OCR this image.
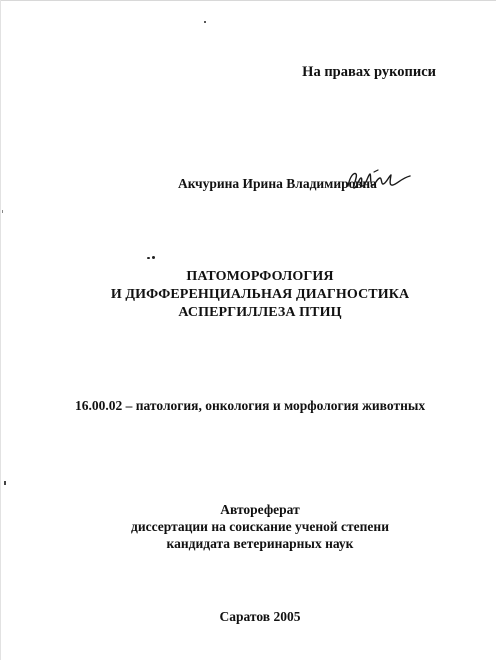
На правах рукописи
Акчурина Ирина Владимировна
ПАТОМОРФОЛОГИЯ
И ДИФФЕРЕНЦИАЛЬНАЯ ДИАГНОСТИКА
АСПЕРГИЛЛЕЗА ПТИЦ
16.00.02 – патология, онкология и морфология животных
Автореферат
диссертации на соискание ученой степени
кандидата ветеринарных наук
Саратов 2005
